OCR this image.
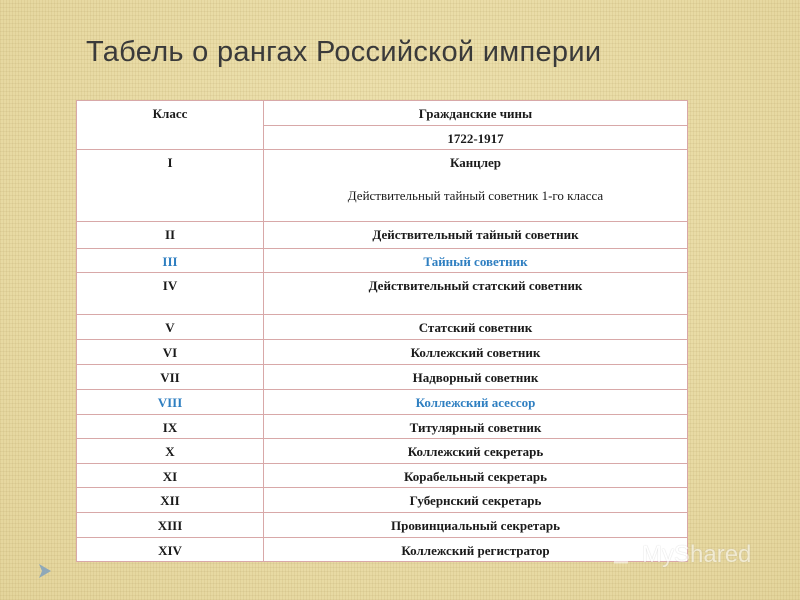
Табель о рангах Российской империи
Класс	Гражданские чины

	1722-1917

I	Канцлер
Действительный тайный советник 1-го класса

II	Действительный тайный советник

III	Тайный советник

IV	Действительный статский советник

V	Статский советник

VI	Коллежский советник

VII	Надворный советник

VIII	Коллежский асессор

IX	Титулярный советник

X	Коллежский секретарь

XI	Корабельный секретарь

XII	Губернский секретарь

XIII	Провинциальный секретарь

XIV	Коллежский регистратор	MyShared
